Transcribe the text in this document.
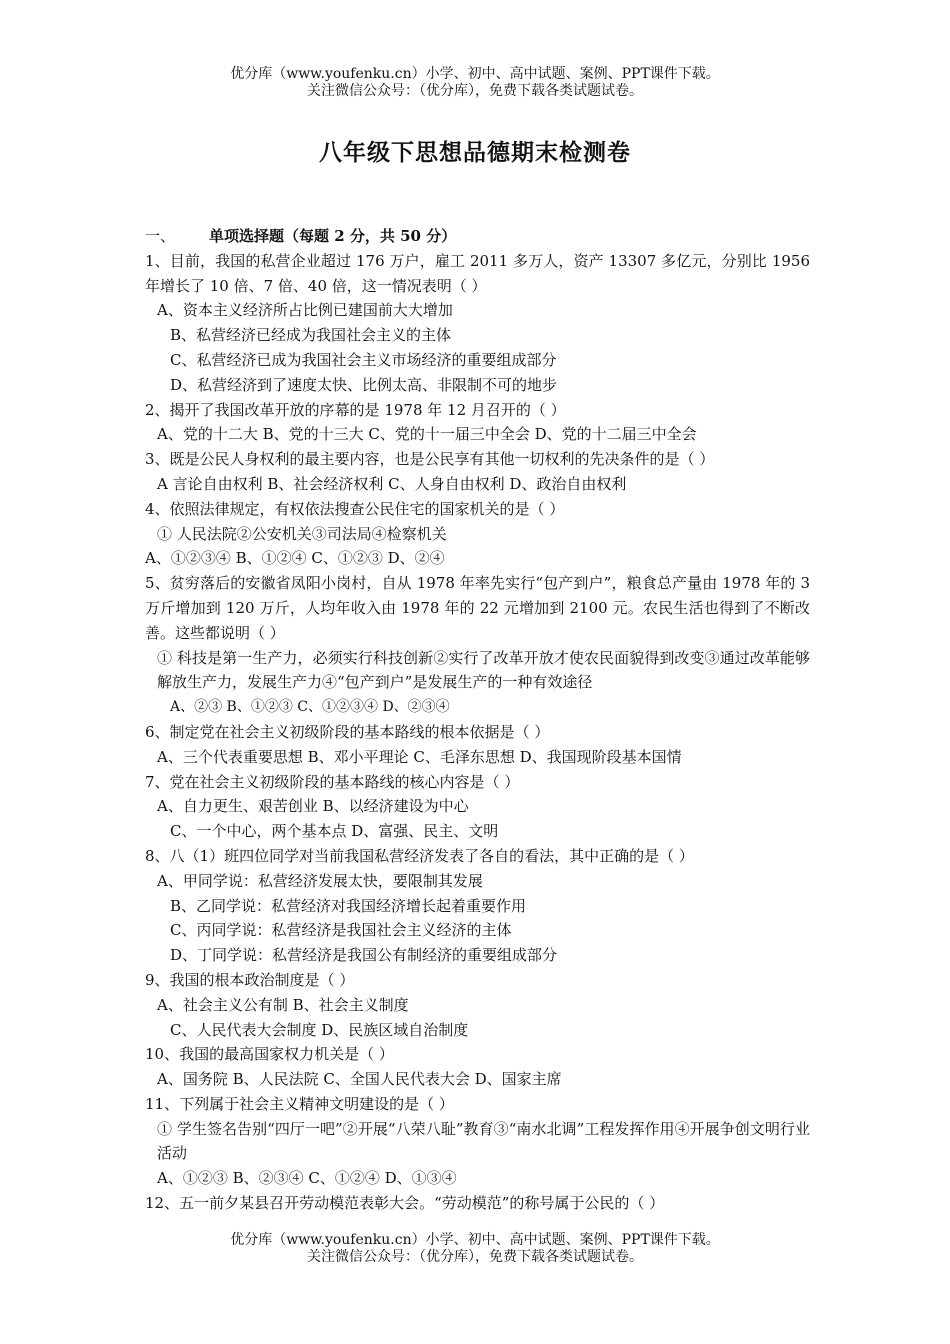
优分库（www.youfenku.cn）小学、初中、高中试题、案例、PPT课件下载。
关注微信公众号：（优分库），免费下载各类试题试卷。
八年级下思想品德期末检测卷
一、 单项选择题（每题 2 分，共 50 分）
1、目前，我国的私营企业超过 176 万户，雇工 2011 多万人，资产 13307 多亿元，分别比 1956 年增长了 10 倍、7 倍、40 倍，这一情况表明（ ）
A、资本主义经济所占比例已建国前大大增加
B、私营经济已经成为我国社会主义的主体
C、私营经济已成为我国社会主义市场经济的重要组成部分
D、私营经济到了速度太快、比例太高、非限制不可的地步
2、揭开了我国改革开放的序幕的是 1978 年 12 月召开的（ ）
A、党的十二大 B、党的十三大 C、党的十一届三中全会 D、党的十二届三中全会
3、既是公民人身权利的最主要内容，也是公民享有其他一切权利的先决条件的是（ ）
A 言论自由权利 B、社会经济权利 C、人身自由权利 D、政治自由权利
4、依照法律规定，有权依法搜查公民住宅的国家机关的是（ ）
① 人民法院②公安机关③司法局④检察机关
A、①②③④ B、①②④ C、①②③ D、②④
5、贫穷落后的安徽省凤阳小岗村，自从 1978 年率先实行“包产到户”，粮食总产量由 1978 年的 3 万斤增加到 120 万斤，人均年收入由 1978 年的 22 元增加到 2100 元。农民生活也得到了不断改善。这些都说明（ ）
① 科技是第一生产力，必须实行科技创新②实行了改革开放才使农民面貌得到改变③通过改革能够解放生产力，发展生产力④“包产到户”是发展生产的一种有效途径
A、②③ B、①②③ C、①②③④ D、②③④
6、制定党在社会主义初级阶段的基本路线的根本依据是（ ）
A、三个代表重要思想 B、邓小平理论 C、毛泽东思想 D、我国现阶段基本国情
7、党在社会主义初级阶段的基本路线的核心内容是（ ）
A、自力更生、艰苦创业 B、以经济建设为中心
C、一个中心，两个基本点 D、富强、民主、文明
8、八（1）班四位同学对当前我国私营经济发表了各自的看法，其中正确的是（ ）
A、甲同学说：私营经济发展太快，要限制其发展
B、乙同学说：私营经济对我国经济增长起着重要作用
C、丙同学说：私营经济是我国社会主义经济的主体
D、丁同学说：私营经济是我国公有制经济的重要组成部分
9、我国的根本政治制度是（ ）
A、社会主义公有制 B、社会主义制度
C、人民代表大会制度 D、民族区域自治制度
10、我国的最高国家权力机关是（ ）
A、国务院 B、人民法院 C、全国人民代表大会 D、国家主席
11、下列属于社会主义精神文明建设的是（ ）
① 学生签名告别“四厅一吧”②开展“八荣八耻”教育③“南水北调”工程发挥作用④开展争创文明行业活动
A、①②③ B、②③④ C、①②④ D、①③④
12、五一前夕某县召开劳动模范表彰大会。“劳动模范”的称号属于公民的（ ）
优分库（www.youfenku.cn）小学、初中、高中试题、案例、PPT课件下载。
关注微信公众号：（优分库），免费下载各类试题试卷。
